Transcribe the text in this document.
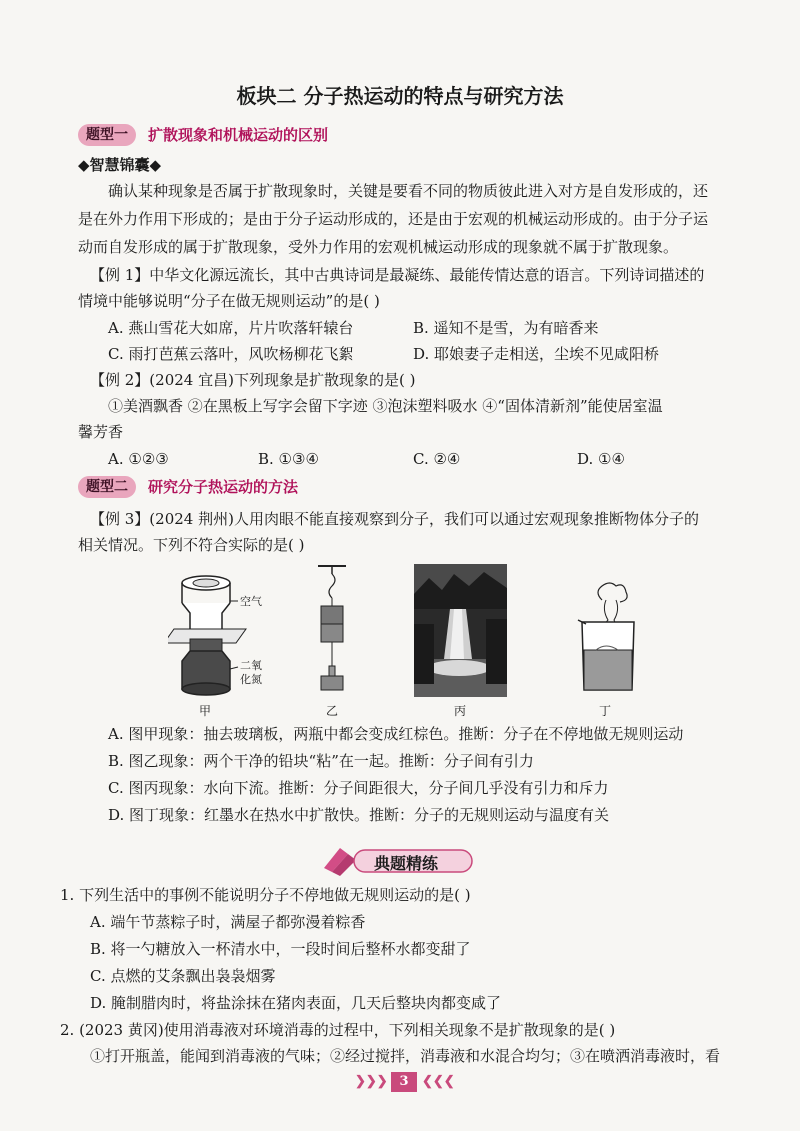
板块二 分子热运动的特点与研究方法
题型一	扩散现象和机械运动的区别
◆智慧锦囊◆
确认某种现象是否属于扩散现象时，关键是要看不同的物质彼此进入对方是自发形成的，还
是在外力作用下形成的；是由于分子运动形成的，还是由于宏观的机械运动形成的。由于分子运
动而自发形成的属于扩散现象，受外力作用的宏观机械运动形成的现象就不属于扩散现象。
【例 1】中华文化源远流长，其中古典诗词是最凝练、最能传情达意的语言。下列诗词描述的
情境中能够说明“分子在做无规则运动”的是( )
A. 燕山雪花大如席，片片吹落轩辕台	B. 遥知不是雪，为有暗香来
C. 雨打芭蕉云落叶，风吹杨柳花飞絮	D. 耶娘妻子走相送，尘埃不见咸阳桥
【例 2】(2024 宜昌)下列现象是扩散现象的是( )
①美酒飘香 ②在黑板上写字会留下字迹 ③泡沫塑料吸水 ④“固体清新剂”能使居室温
馨芳香
A. ①②③	B. ①③④	C. ②④	D. ①④
题型二	研究分子热运动的方法
【例 3】(2024 荆州)人用肉眼不能直接观察到分子，我们可以通过宏观现象推断物体分子的
相关情况。下列不符合实际的是( )
空气
二氧
化氮
甲	乙	丙	丁
A. 图甲现象：抽去玻璃板，两瓶中都会变成红棕色。推断：分子在不停地做无规则运动
B. 图乙现象：两个干净的铅块“粘”在一起。推断：分子间有引力
C. 图丙现象：水向下流。推断：分子间距很大，分子间几乎没有引力和斥力
D. 图丁现象：红墨水在热水中扩散快。推断：分子的无规则运动与温度有关
典题精练
1. 下列生活中的事例不能说明分子不停地做无规则运动的是( )
A. 端午节蒸粽子时，满屋子都弥漫着粽香
B. 将一勺糖放入一杯清水中，一段时间后整杯水都变甜了
C. 点燃的艾条飘出袅袅烟雾
D. 腌制腊肉时，将盐涂抹在猪肉表面，几天后整块肉都变咸了
2. (2023 黄冈)使用消毒液对环境消毒的过程中，下列相关现象不是扩散现象的是( )
①打开瓶盖，能闻到消毒液的气味；②经过搅拌，消毒液和水混合均匀；③在喷洒消毒液时，看
❯❯❯ 3	❮❮❮
